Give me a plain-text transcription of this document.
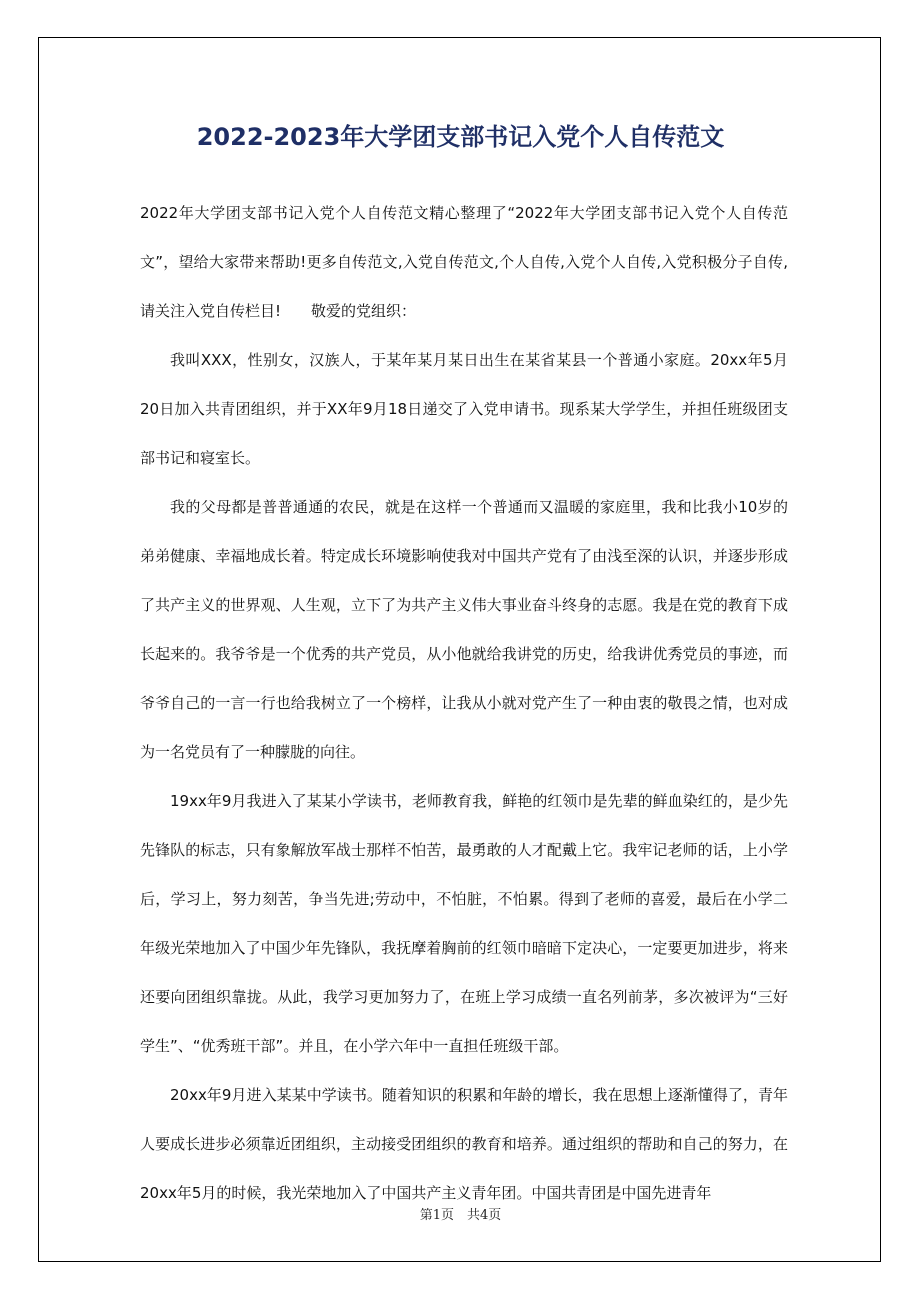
2022-2023年大学团支部书记入党个人自传范文

2022年大学团支部书记入党个人自传范文精心整理了“2022年大学团支部书记入党个人自传范文”，望给大家带来帮助!更多自传范文,入党自传范文,个人自传,入党个人自传,入党积极分子自传,请关注入党自传栏目!　　敬爱的党组织：

我叫XXX，性别女，汉族人，于某年某月某日出生在某省某县一个普通小家庭。20xx年5月20日加入共青团组织，并于XX年9月18日递交了入党申请书。现系某大学学生，并担任班级团支部书记和寝室长。

我的父母都是普普通通的农民，就是在这样一个普通而又温暖的家庭里，我和比我小10岁的弟弟健康、幸福地成长着。特定成长环境影响使我对中国共产党有了由浅至深的认识，并逐步形成了共产主义的世界观、人生观，立下了为共产主义伟大事业奋斗终身的志愿。我是在党的教育下成长起来的。我爷爷是一个优秀的共产党员，从小他就给我讲党的历史，给我讲优秀党员的事迹，而爷爷自己的一言一行也给我树立了一个榜样，让我从小就对党产生了一种由衷的敬畏之情，也对成为一名党员有了一种朦胧的向往。

19xx年9月我进入了某某小学读书，老师教育我，鲜艳的红领巾是先辈的鲜血染红的，是少先先锋队的标志，只有象解放军战士那样不怕苦，最勇敢的人才配戴上它。我牢记老师的话，上小学后，学习上，努力刻苦，争当先进;劳动中，不怕脏，不怕累。得到了老师的喜爱，最后在小学二年级光荣地加入了中国少年先锋队，我抚摩着胸前的红领巾暗暗下定决心，一定要更加进步，将来还要向团组织靠拢。从此，我学习更加努力了，在班上学习成绩一直名列前茅，多次被评为“三好学生”、“优秀班干部”。并且，在小学六年中一直担任班级干部。

20xx年9月进入某某中学读书。随着知识的积累和年龄的增长，我在思想上逐渐懂得了，青年人要成长进步必须靠近团组织，主动接受团组织的教育和培养。通过组织的帮助和自己的努力，在20xx年5月的时候，我光荣地加入了中国共产主义青年团。中国共青团是中国先进青年

第1页　共4页
